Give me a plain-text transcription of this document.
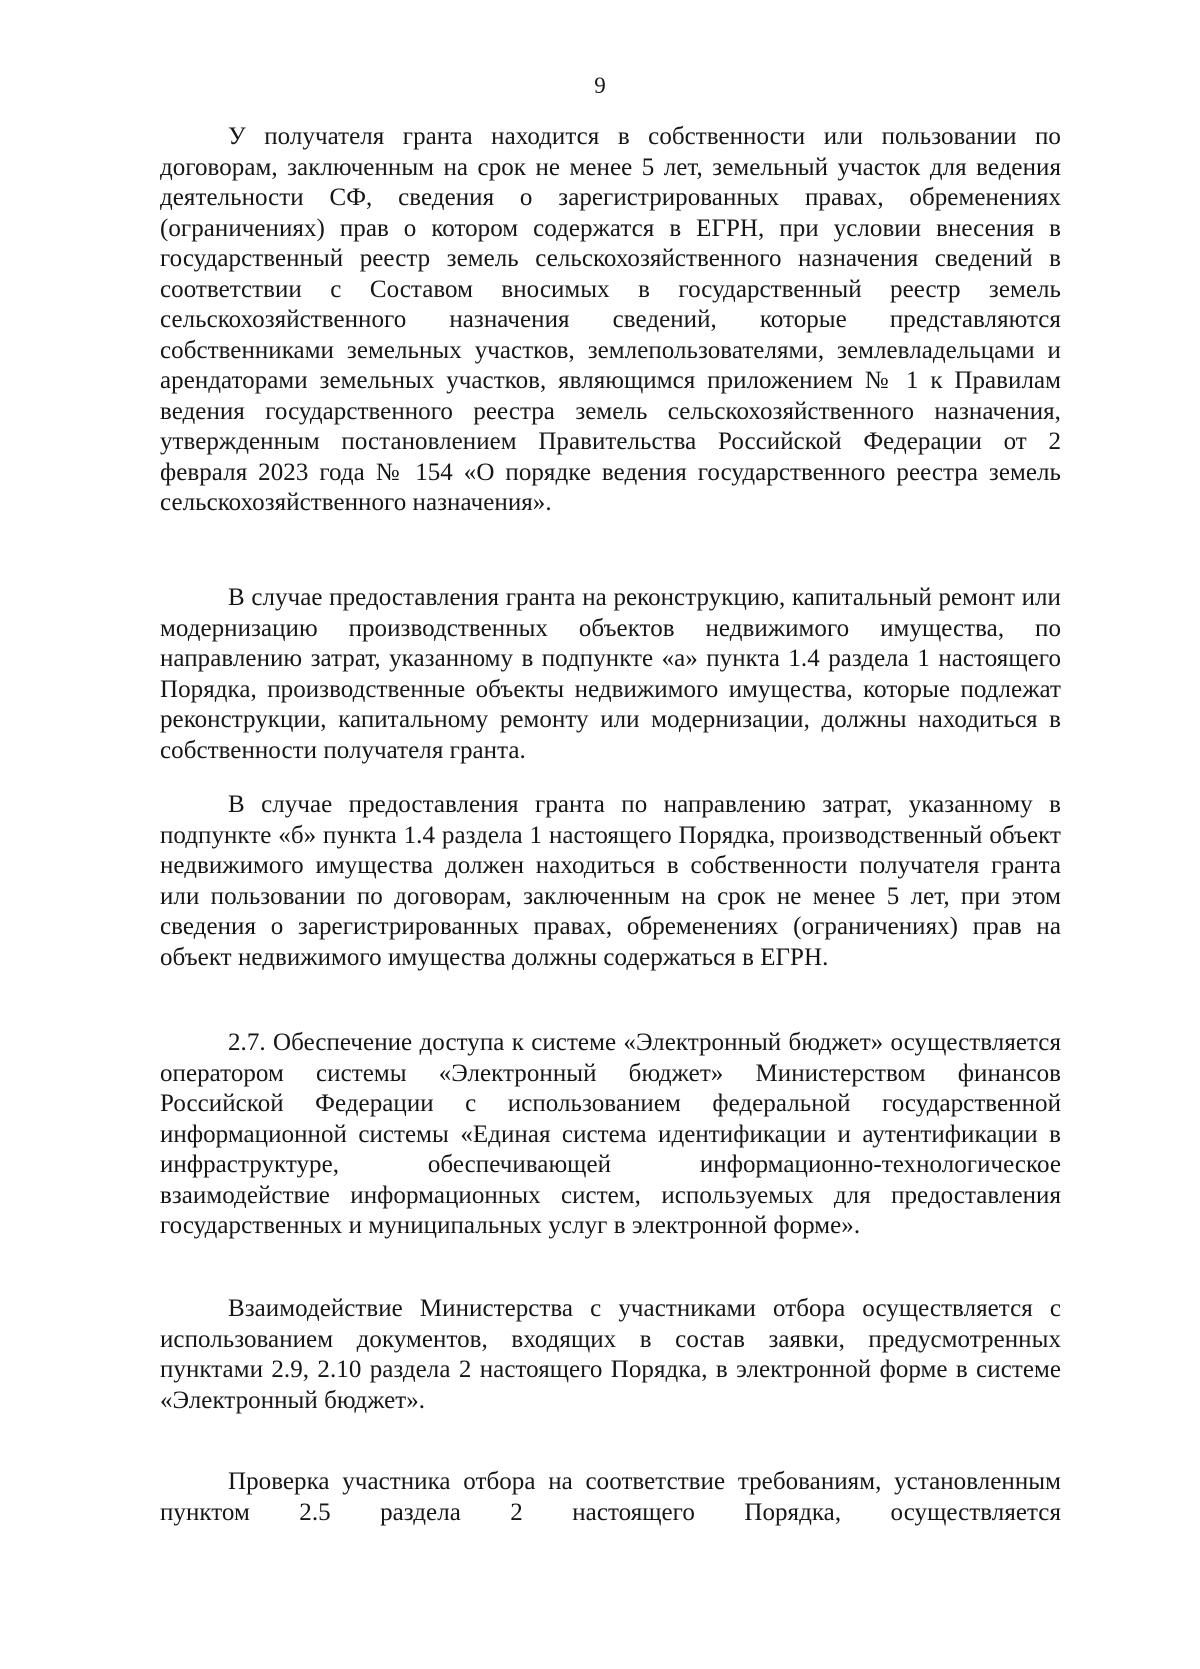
9

У получателя гранта находится в собственности или пользовании по договорам, заключенным на срок не менее 5 лет, земельный участок для ведения деятельности СФ, сведения о зарегистрированных правах, обременениях (ограничениях) прав о котором содержатся в ЕГРН, при условии внесения в государственный реестр земель сельскохозяйственного назначения сведений в соответствии с Составом вносимых в государственный реестр земель сельскохозяйственного назначения сведений, которые представляются собственниками земельных участков, землепользователями, землевладельцами и арендаторами земельных участков, являющимся приложением № 1 к Правилам ведения государственного реестра земель сельскохозяйственного назначения, утвержденным постановлением Правительства Российской Федерации от 2 февраля 2023 года № 154 «О порядке ведения государственного реестра земель сельскохозяйственного назначения».

В случае предоставления гранта на реконструкцию, капитальный ремонт или модернизацию производственных объектов недвижимого имущества, по направлению затрат, указанному в подпункте «а» пункта 1.4 раздела 1 настоящего Порядка, производственные объекты недвижимого имущества, которые подлежат реконструкции, капитальному ремонту или модернизации, должны находиться в собственности получателя гранта.

В случае предоставления гранта по направлению затрат, указанному в подпункте «б» пункта 1.4 раздела 1 настоящего Порядка, производственный объект недвижимого имущества должен находиться в собственности получателя гранта или пользовании по договорам, заключенным на срок не менее 5 лет, при этом сведения о зарегистрированных правах, обременениях (ограничениях) прав на объект недвижимого имущества должны содержаться в ЕГРН.

2.7. Обеспечение доступа к системе «Электронный бюджет» осуществляется оператором системы «Электронный бюджет» Министерством финансов Российской Федерации с использованием федеральной государственной информационной системы «Единая система идентификации и аутентификации в инфраструктуре, обеспечивающей информационно-технологическое взаимодействие информационных систем, используемых для предоставления государственных и муниципальных услуг в электронной форме».

Взаимодействие Министерства с участниками отбора осуществляется с использованием документов, входящих в состав заявки, предусмотренных пунктами 2.9, 2.10 раздела 2 настоящего Порядка, в электронной форме в системе «Электронный бюджет».

Проверка участника отбора на соответствие требованиям, установленным пунктом 2.5 раздела 2 настоящего Порядка, осуществляется
